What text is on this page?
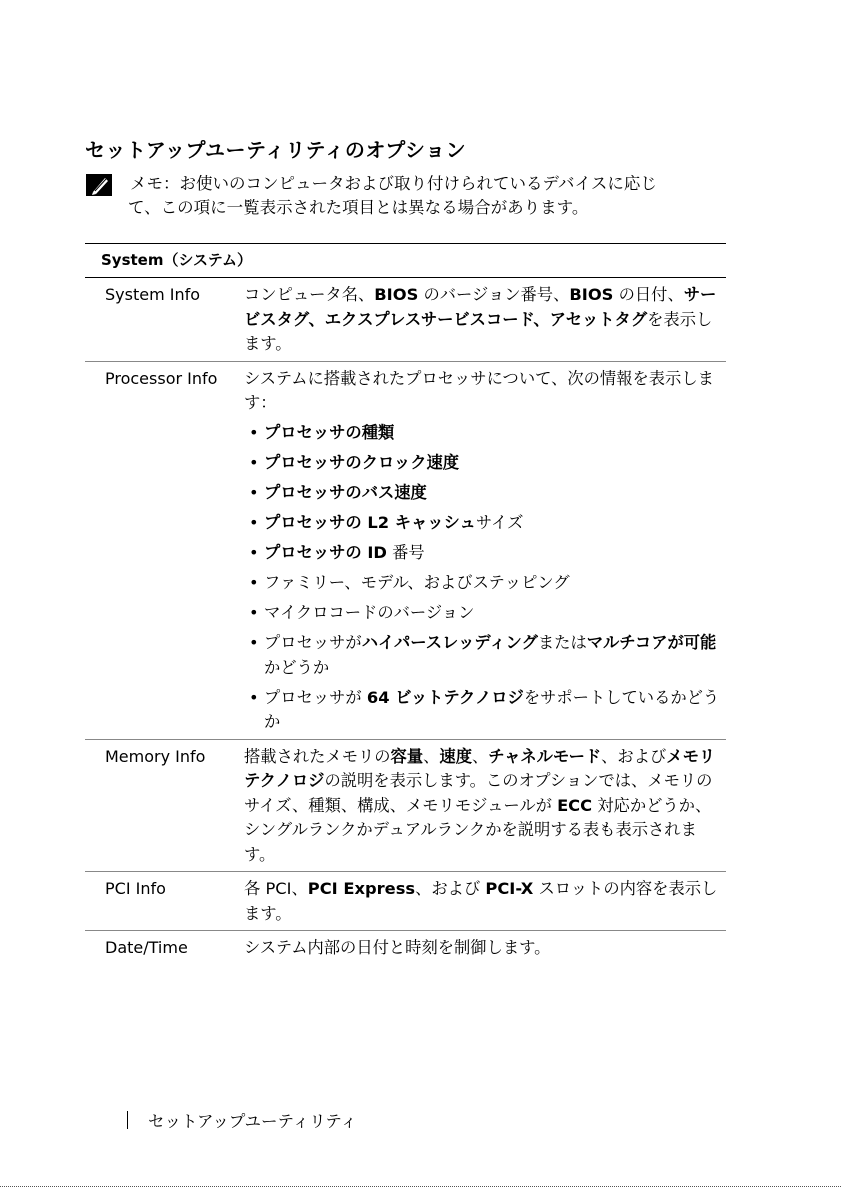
セットアップユーティリティのオプション
メモ：お使いのコンピュータおよび取り付けられているデバイスに応じ
て、この項に一覧表示された項目とは異なる場合があります。
System（システム）
System Info	コンピュータ名、BIOS のバージョン番号、BIOS の日付、サービスタグ、エクスプレスサービスコード、アセットタグを表示します。

Processor Info	システムに搭載されたプロセッサについて、次の情報を表示します：

• プロセッサの種類
• プロセッサのクロック速度
• プロセッサのバス速度
• プロセッサの L2 キャッシュサイズ
• プロセッサの ID 番号
• ファミリー、モデル、およびステッピング
• マイクロコードのバージョン
• プロセッサがハイパースレッディングまたはマルチコアが可能かどうか
• プロセッサが 64 ビットテクノロジをサポートしているかどうか
Memory Info	搭載されたメモリの容量、速度、チャネルモード、およびメモリテクノロジの説明を表示します。このオプションでは、メモリのサイズ、種類、構成、メモリモジュールが ECC 対応かどうか、シングルランクかデュアルランクかを説明する表も表示されます。

PCI Info	各 PCI、PCI Express、および PCI-X スロットの内容を表示します。

Date/Time	システム内部の日付と時刻を制御します。

セットアップユーティリティ
